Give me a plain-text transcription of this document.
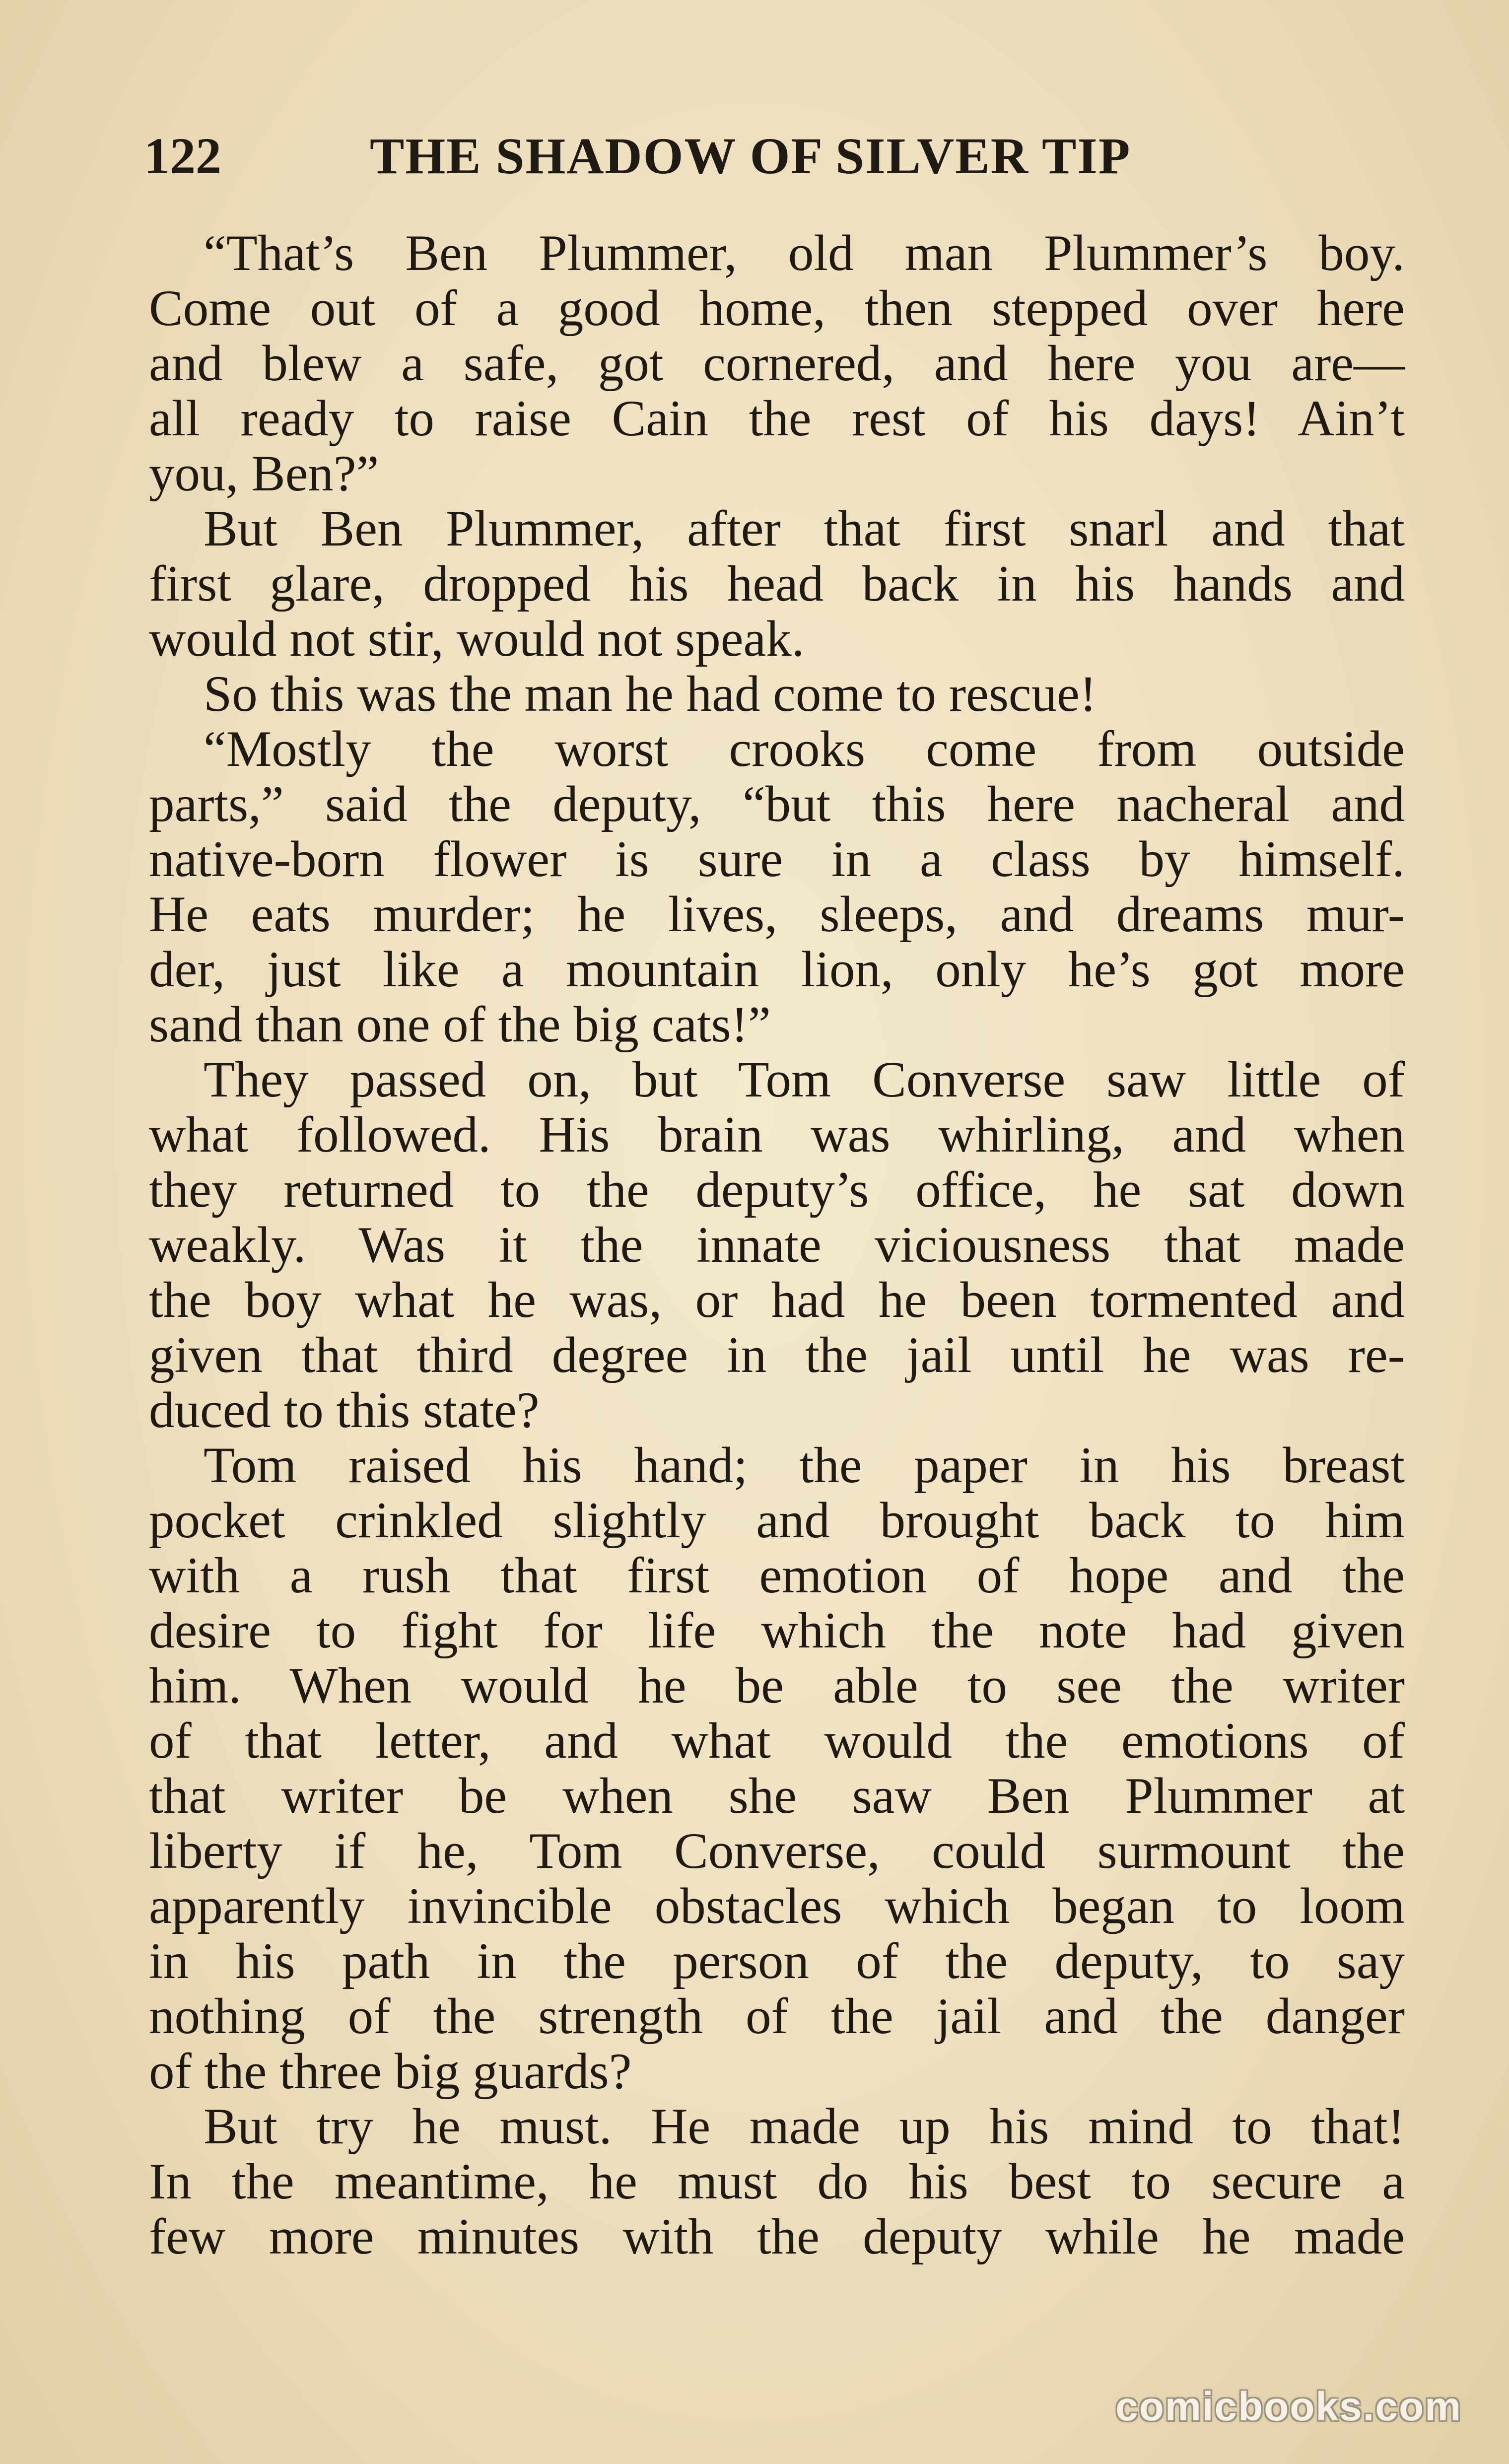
122	THE SHADOW OF SILVER TIP
“That’s Ben Plummer, old man Plummer’s boy.
Come out of a good home, then stepped over here
and blew a safe, got cornered, and here you are—
all ready to raise Cain the rest of his days! Ain’t
you, Ben?”
But Ben Plummer, after that first snarl and that
first glare, dropped his head back in his hands and
would not stir, would not speak.
So this was the man he had come to rescue!
“Mostly the worst crooks come from outside
parts,” said the deputy, “but this here nacheral and
native-born flower is sure in a class by himself.
He eats murder; he lives, sleeps, and dreams mur-
der, just like a mountain lion, only he’s got more
sand than one of the big cats!”
They passed on, but Tom Converse saw little of
what followed. His brain was whirling, and when
they returned to the deputy’s office, he sat down
weakly. Was it the innate viciousness that made
the boy what he was, or had he been tormented and
given that third degree in the jail until he was re-
duced to this state?
Tom raised his hand; the paper in his breast
pocket crinkled slightly and brought back to him
with a rush that first emotion of hope and the
desire to fight for life which the note had given
him. When would he be able to see the writer
of that letter, and what would the emotions of
that writer be when she saw Ben Plummer at
liberty if he, Tom Converse, could surmount the
apparently invincible obstacles which began to loom
in his path in the person of the deputy, to say
nothing of the strength of the jail and the danger
of the three big guards?
But try he must. He made up his mind to that!
In the meantime, he must do his best to secure a
few more minutes with the deputy while he made
comicbooks.com
